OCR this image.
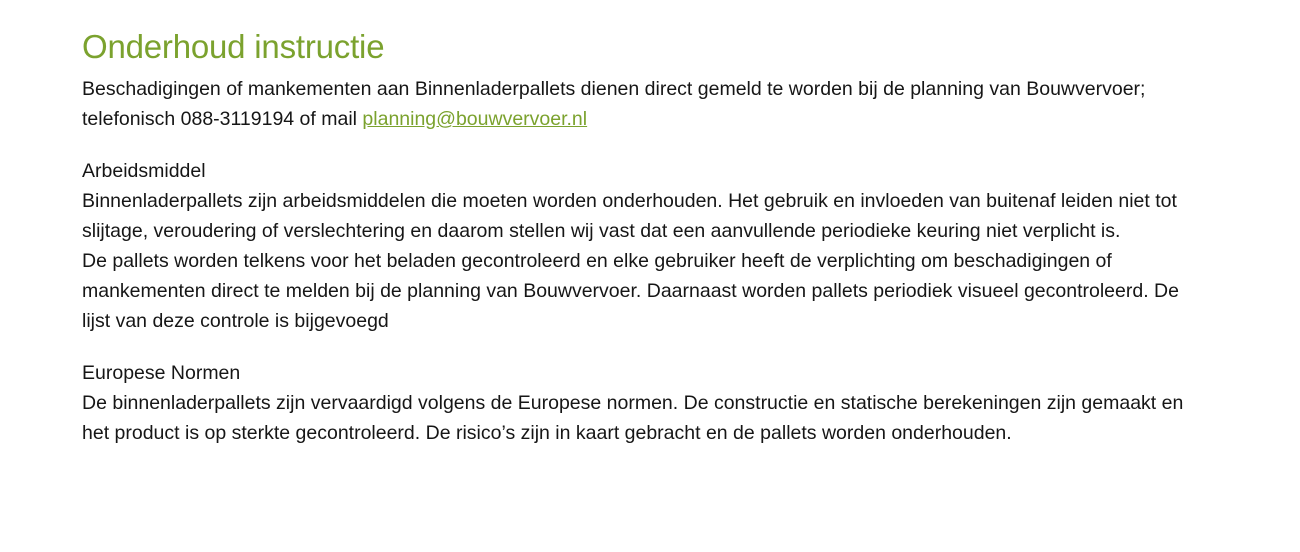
Onderhoud instructie

Beschadigingen of mankementen aan Binnenladerpallets dienen direct gemeld te worden bij de planning van Bouwvervoer; telefonisch 088-3119194 of mail planning@bouwvervoer.nl

Arbeidsmiddel

Binnenladerpallets zijn arbeidsmiddelen die moeten worden onderhouden. Het gebruik en invloeden van buitenaf leiden niet tot slijtage, veroudering of verslechtering en daarom stellen wij vast dat een aanvullende periodieke keuring niet verplicht is.

De pallets worden telkens voor het beladen gecontroleerd en elke gebruiker heeft de verplichting om beschadigingen of mankementen direct te melden bij de planning van Bouwvervoer. Daarnaast worden pallets periodiek visueel gecontroleerd. De lijst van deze controle is bijgevoegd

Europese Normen

De binnenladerpallets zijn vervaardigd volgens de Europese normen. De constructie en statische berekeningen zijn gemaakt en het product is op sterkte gecontroleerd. De risico’s zijn in kaart gebracht en de pallets worden onderhouden.
